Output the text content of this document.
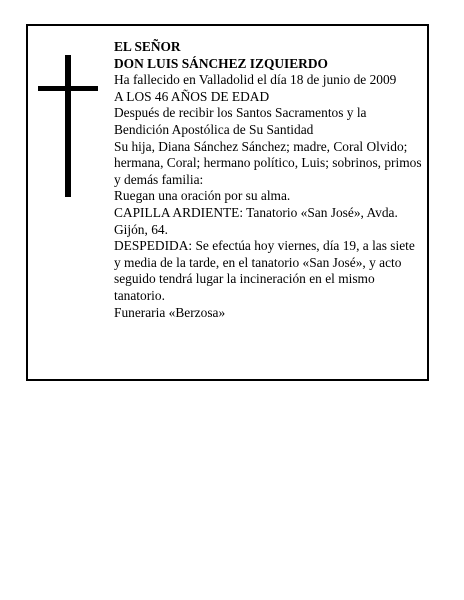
EL SEÑOR

DON LUIS SÁNCHEZ IZQUIERDO

Ha fallecido en Valladolid el día 18 de junio de 2009

A LOS 46 AÑOS DE EDAD

Después de recibir los Santos Sacramentos y la Bendición Apostólica de Su Santidad

Su hija, Diana Sánchez Sánchez; madre, Coral Olvido; hermana, Coral; hermano político, Luis; sobrinos, primos y demás familia:

Ruegan una oración por su alma.

CAPILLA ARDIENTE: Tanatorio «San José», Avda. Gijón, 64.

DESPEDIDA: Se efectúa hoy viernes, día 19, a las siete y media de la tarde, en el tanatorio «San José», y acto seguido tendrá lugar la incineración en el mismo tanatorio.

Funeraria «Berzosa»
